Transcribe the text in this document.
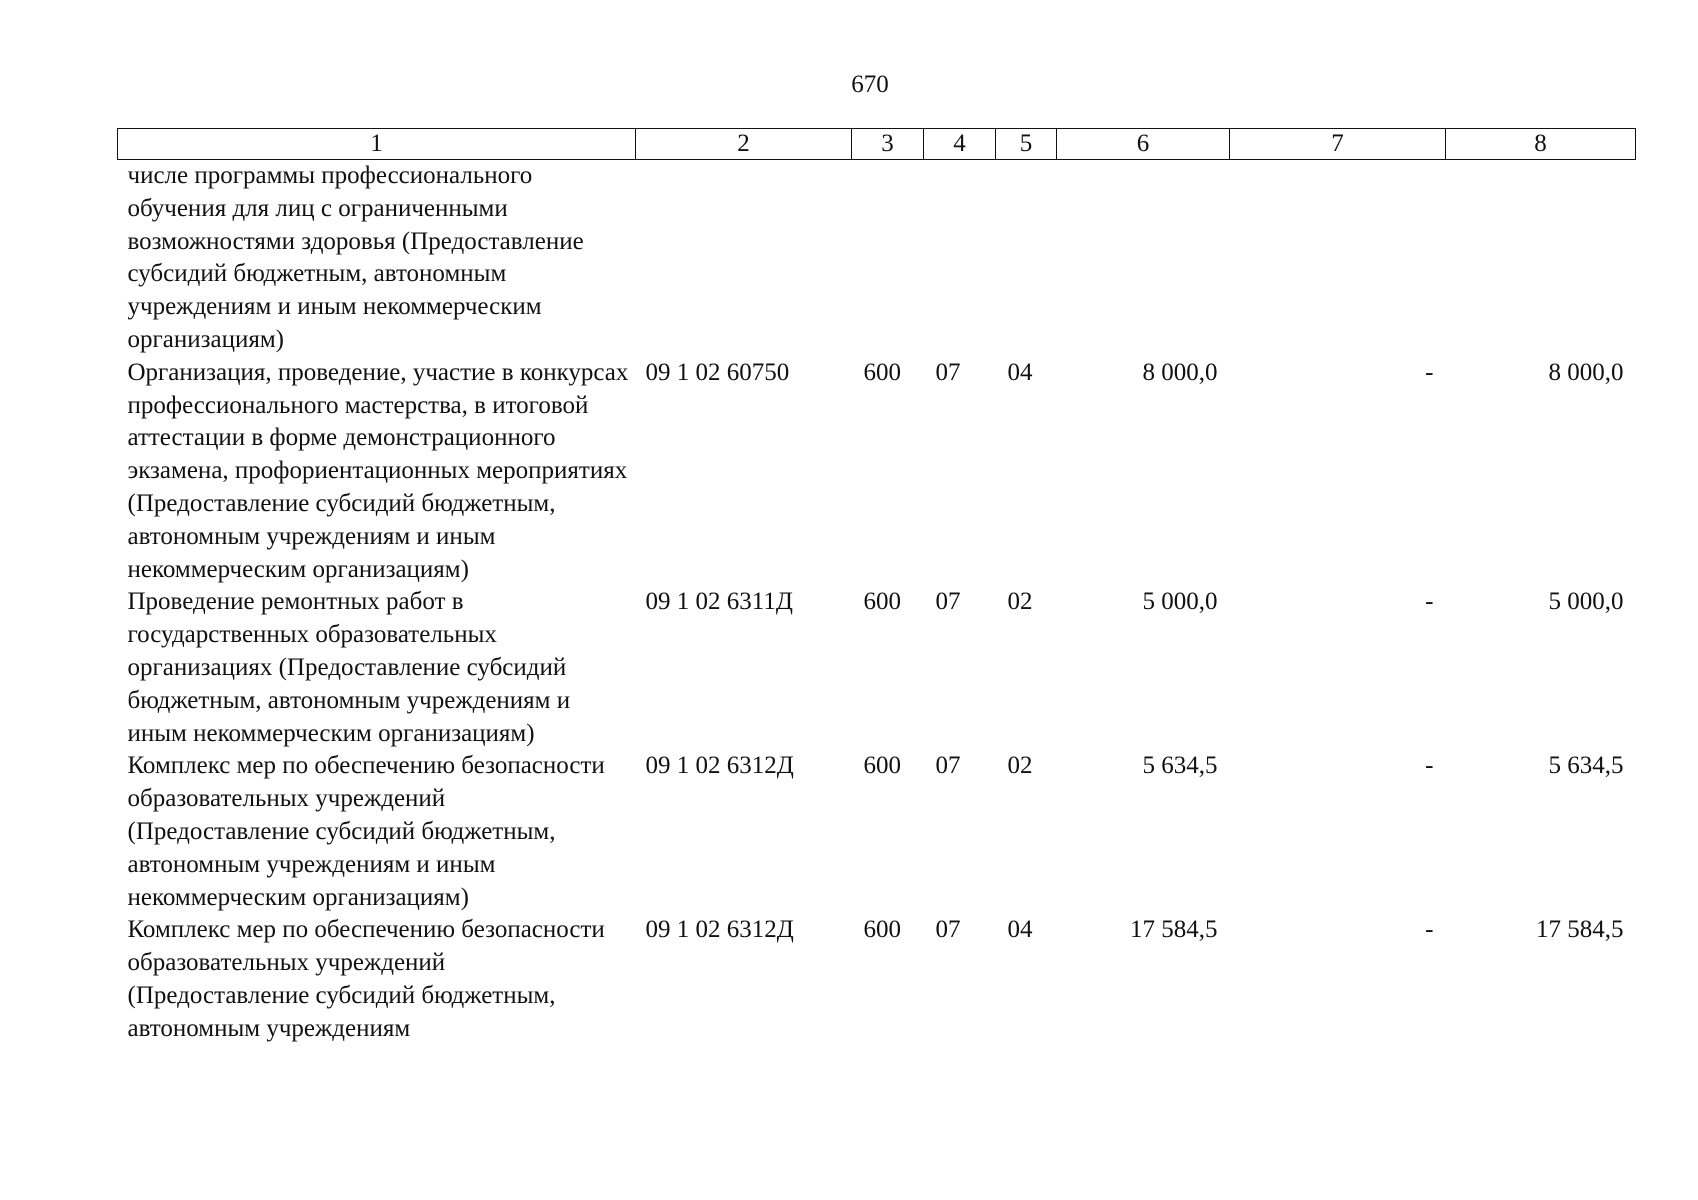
670
1	2	3	4	5	6	7	8
числе программы профессионального обучения для лиц с ограниченными возможностями здоровья (Предоставление субсидий бюджетным, автономным учреждениям и иным некоммерческим организациям)							
Организация, проведение, участие в конкурсах профессионального мастерства, в итоговой аттестации в форме демонстрационного экзамена, профориентационных мероприятиях (Предоставление субсидий бюджетным, автономным учреждениям и иным некоммерческим организациям)	09 1 02 60750	600	07	04	8 000,0	-	8 000,0
Проведение ремонтных работ в государственных образовательных организациях (Предоставление субсидий бюджетным, автономным учреждениям и иным некоммерческим организациям)	09 1 02 6311Д	600	07	02	5 000,0	-	5 000,0
Комплекс мер по обеспечению безопасности образовательных учреждений (Предоставление субсидий бюджетным, автономным учреждениям и иным некоммерческим организациям)	09 1 02 6312Д	600	07	02	5 634,5	-	5 634,5
Комплекс мер по обеспечению безопасности образовательных учреждений (Предоставление субсидий бюджетным, автономным учреждениям	09 1 02 6312Д	600	07	04	17 584,5	-	17 584,5
